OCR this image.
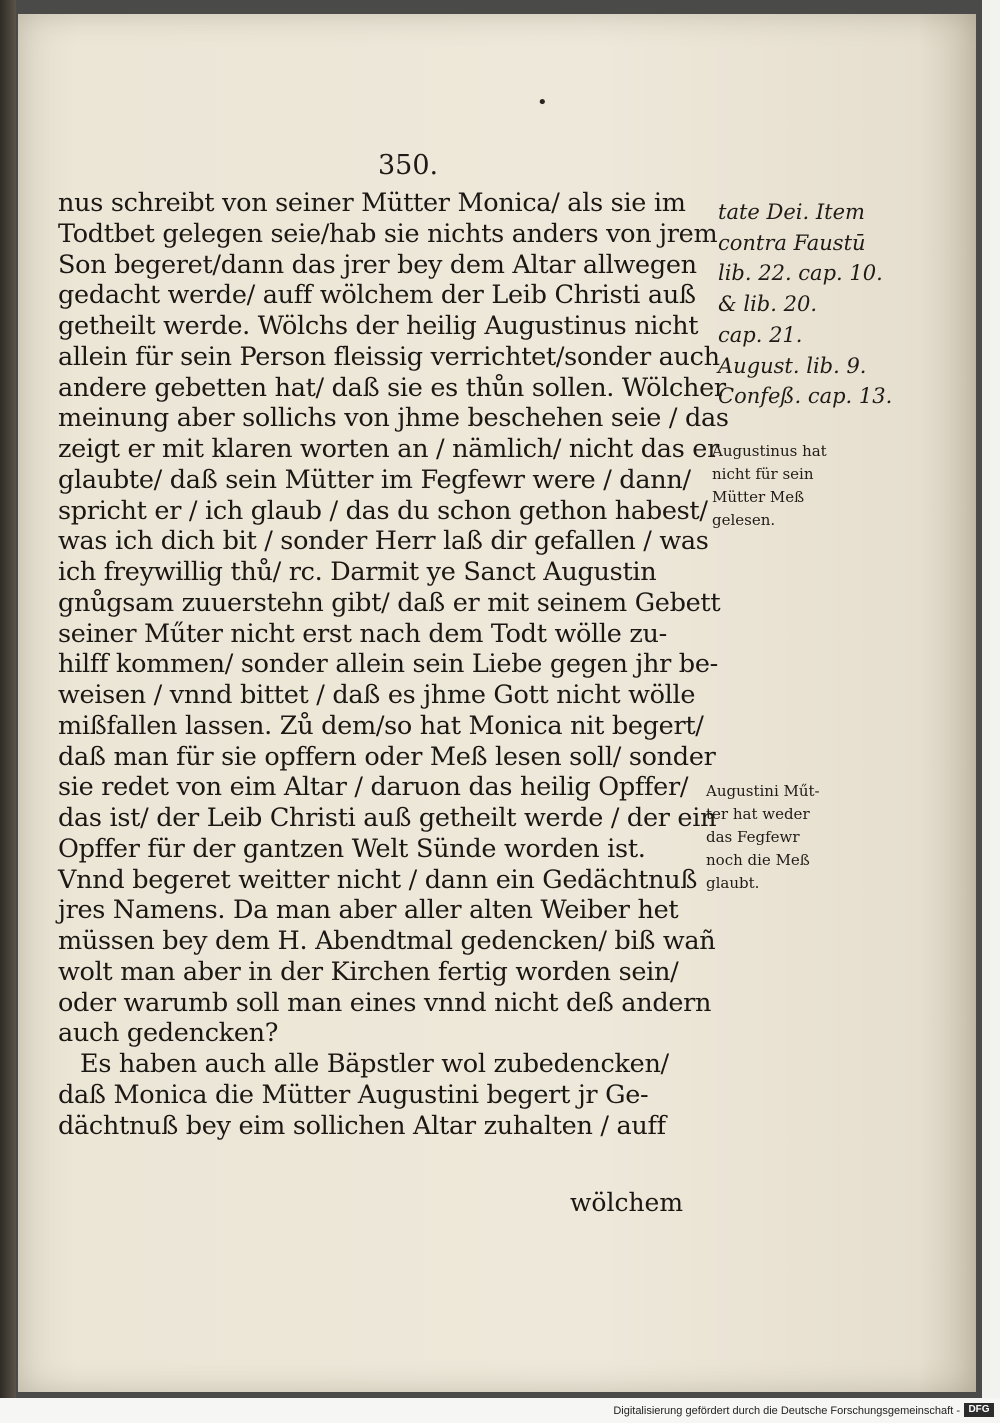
•
350.
nus schreibt von seiner Mütter Monica/ als sie im
Todtbet gelegen seie/hab sie nichts anders von jrem
Son begeret/dann das jrer bey dem Altar allwegen
gedacht werde/ auff wölchem der Leib Christi auß
getheilt werde. Wölchs der heilig Augustinus nicht
allein für sein Person fleissig verrichtet/sonder auch
andere gebetten hat/ daß sie es thůn sollen. Wölcher
meinung aber sollichs von jhme beschehen seie / das
zeigt er mit klaren worten an / nämlich/ nicht das er
glaubte/ daß sein Mütter im Fegfewr were / dann/
spricht er / ich glaub / das du schon gethon habest/
was ich dich bit / sonder Herr laß dir gefallen / was
ich freywillig thů/ rc. Darmit ye Sanct Augustin
gnůgsam zuuerstehn gibt/ daß er mit seinem Gebett
seiner Műter nicht erst nach dem Todt wölle zu-
hilff kommen/ sonder allein sein Liebe gegen jhr be-
weisen / vnnd bittet / daß es jhme Gott nicht wölle
mißfallen lassen. Zů dem/so hat Monica nit begert/
daß man für sie opffern oder Meß lesen soll/ sonder
sie redet von eim Altar / daruon das heilig Opffer/
das ist/ der Leib Christi auß getheilt werde / der ein
Opffer für der gantzen Welt Sünde worden ist.
Vnnd begeret weitter nicht / dann ein Gedächtnuß
jres Namens. Da man aber aller alten Weiber het
müssen bey dem H. Abendtmal gedencken/ biß wañ
wolt man aber in der Kirchen fertig worden sein/
oder warumb soll man eines vnnd nicht deß andern
auch gedencken?
Es haben auch alle Bäpstler wol zubedencken/
daß Monica die Mütter Augustini begert jr Ge-
dächtnuß bey eim sollichen Altar zuhalten / auff
tate Dei. Item
contra Faustū
lib. 22. cap. 10.
& lib. 20.
cap. 21.
August. lib. 9.
Confeß. cap. 13.
Augustinus hat
nicht für sein
Mütter Meß
gelesen.
Augustini Műt-
ter hat weder
das Fegfewr
noch die Meß
glaubt.
wölchem
Digitalisierung gefördert durch die Deutsche Forschungsgemeinschaft - DFG
